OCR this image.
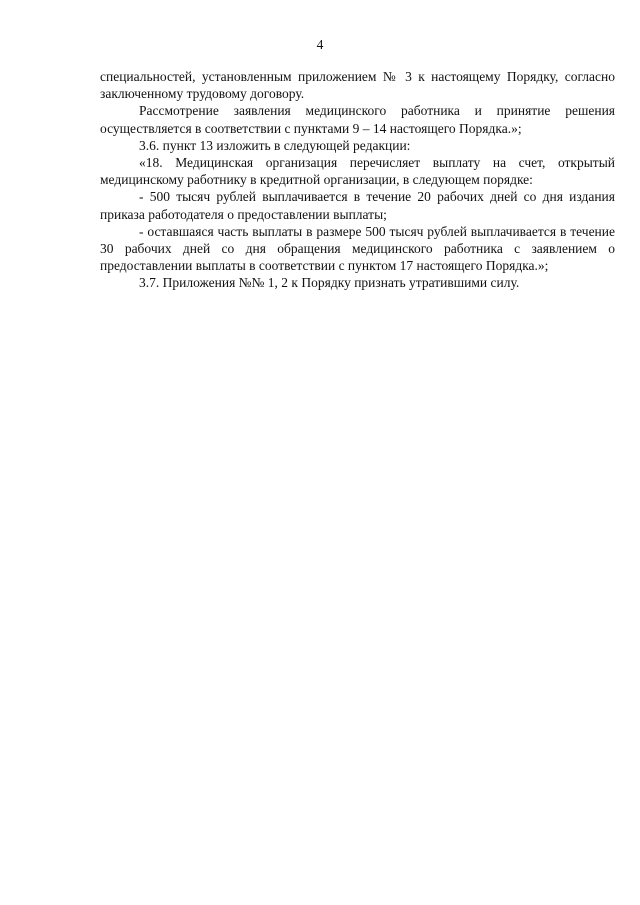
4

специальностей, установленным приложением № 3 к настоящему Порядку, согласно заключенному трудовому договору.

Рассмотрение заявления медицинского работника и принятие решения осуществляется в соответствии с пунктами 9 – 14 настоящего Порядка.»;

3.6. пункт 13 изложить в следующей редакции:

«18. Медицинская организация перечисляет выплату на счет, открытый медицинскому работнику в кредитной организации, в следующем порядке:

- 500 тысяч рублей выплачивается в течение 20 рабочих дней со дня издания приказа работодателя о предоставлении выплаты;

- оставшаяся часть выплаты в размере 500 тысяч рублей выплачивается в течение 30 рабочих дней со дня обращения медицинского работника с заявлением о предоставлении выплаты в соответствии с пунктом 17 настоящего Порядка.»;

3.7. Приложения №№ 1, 2 к Порядку признать утратившими силу.
